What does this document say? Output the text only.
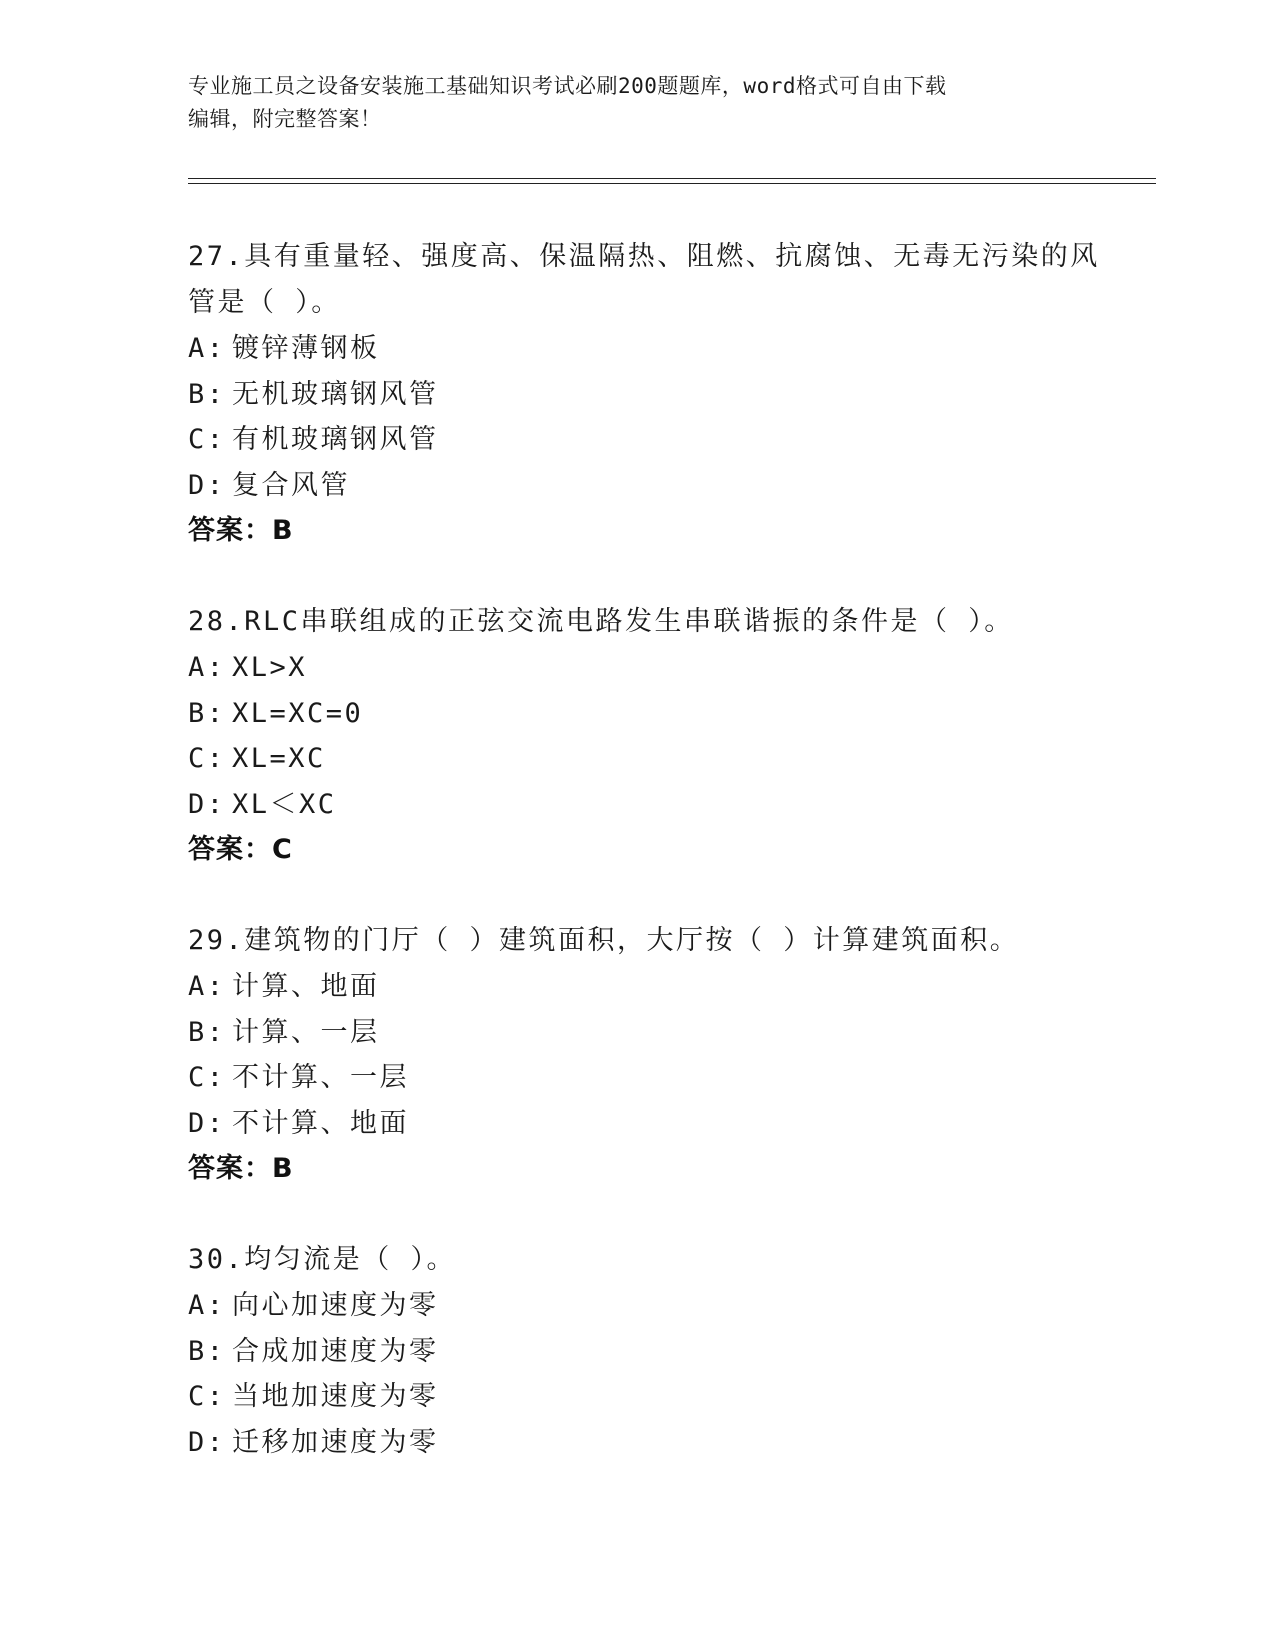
专业施工员之设备安装施工基础知识考试必刷200题题库，word格式可自由下载
编辑，附完整答案！
27.具有重量轻、强度高、保温隔热、阻燃、抗腐蚀、无毒无污染的风
管是（ ）。
A: 镀锌薄钢板
B: 无机玻璃钢风管
C: 有机玻璃钢风管
D: 复合风管
答案：B
28.RLC串联组成的正弦交流电路发生串联谐振的条件是（ ）。
A: XL>X
B: XL=XC=0
C: XL=XC
D: XL＜XC
答案：C
29.建筑物的门厅（ ）建筑面积，大厅按（ ）计算建筑面积。
A: 计算、地面
B: 计算、一层
C: 不计算、一层
D: 不计算、地面
答案：B
30.均匀流是（ ）。
A: 向心加速度为零
B: 合成加速度为零
C: 当地加速度为零
D: 迁移加速度为零
